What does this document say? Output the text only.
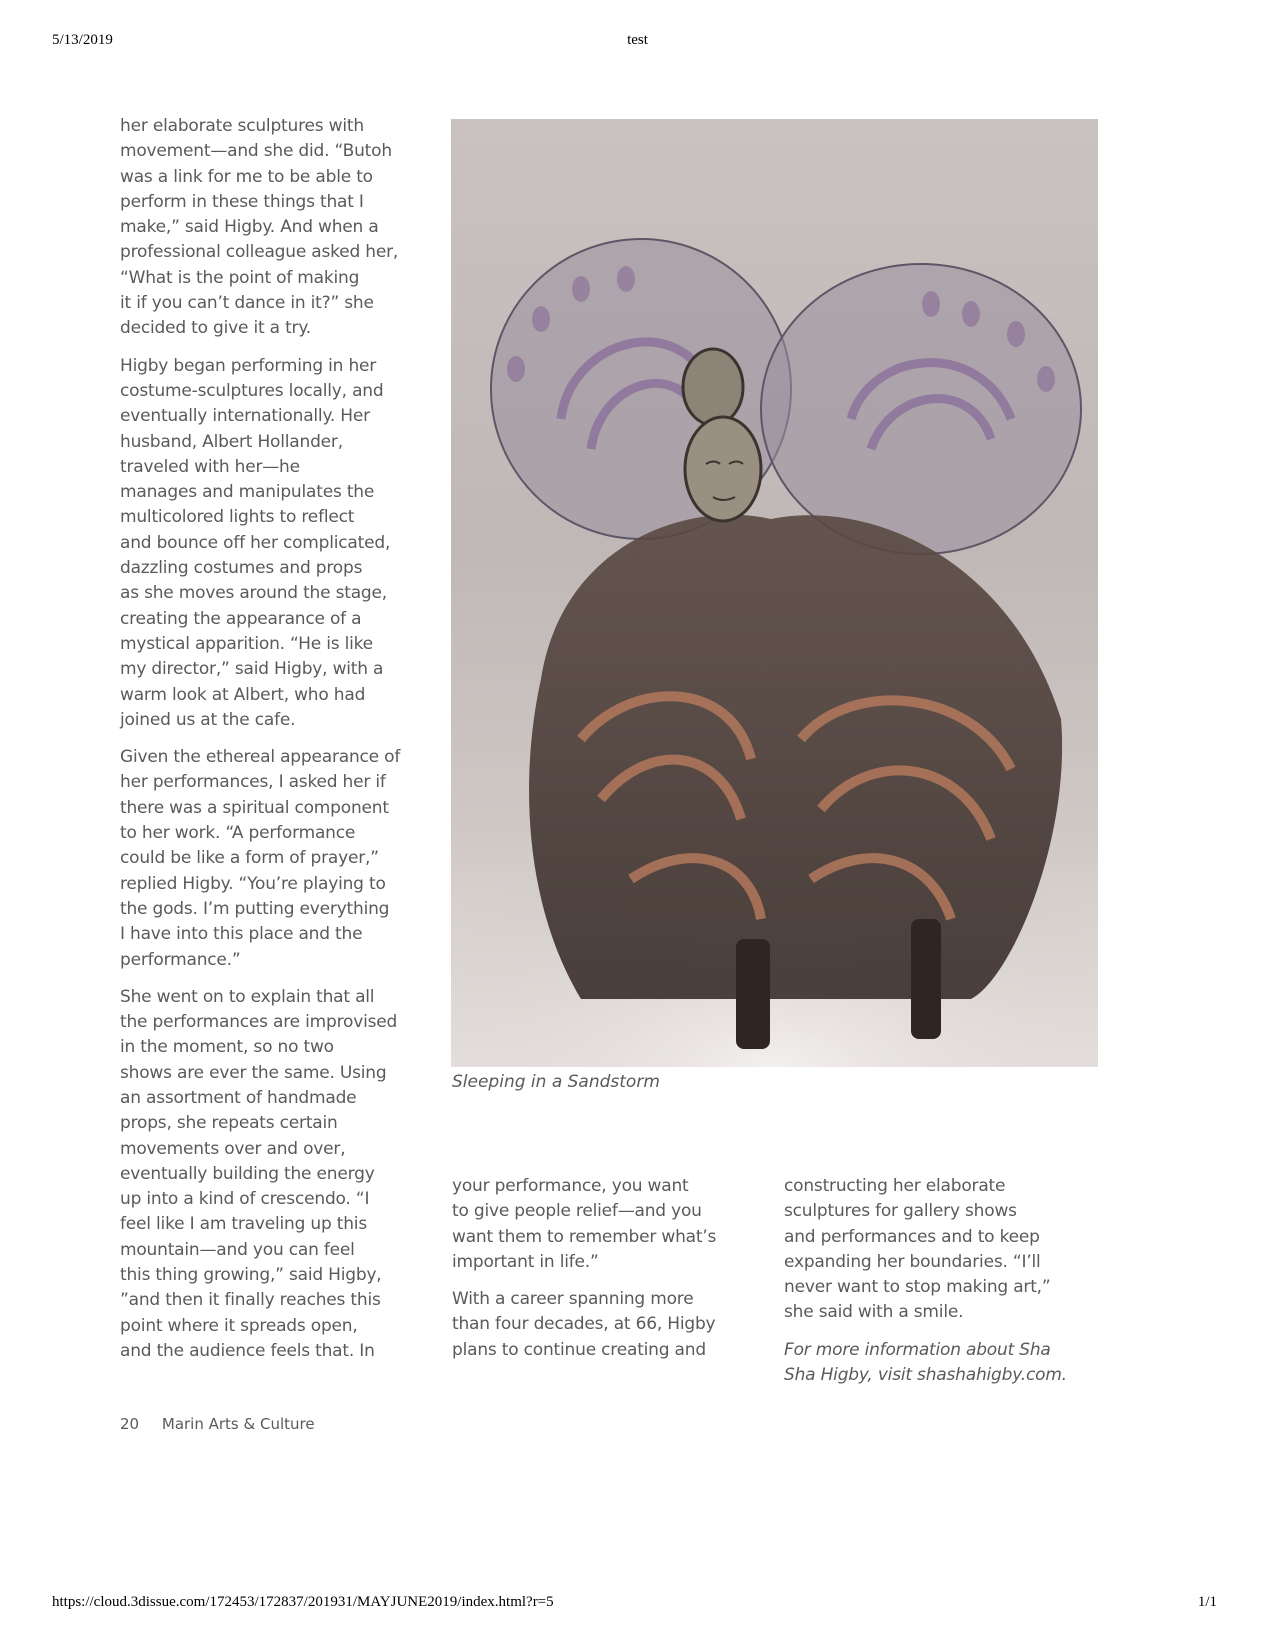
5/13/2019	test

her elaborate sculptures with
movement—and she did. “Butoh
was a link for me to be able to
perform in these things that I
make,” said Higby. And when a
professional colleague asked her,
“What is the point of making
it if you can’t dance in it?” she
decided to give it a try.

Higby began performing in her
costume-sculptures locally, and
eventually internationally. Her
husband, Albert Hollander,
traveled with her—he
manages and manipulates the
multicolored lights to reflect
and bounce off her complicated,
dazzling costumes and props
as she moves around the stage,
creating the appearance of a
mystical apparition. “He is like
my director,” said Higby, with a
warm look at Albert, who had
joined us at the cafe.

Given the ethereal appearance of
her performances, I asked her if
there was a spiritual component
to her work. “A performance
could be like a form of prayer,”
replied Higby. “You’re playing to
the gods. I’m putting everything
I have into this place and the
performance.”

She went on to explain that all
the performances are improvised
in the moment, so no two
shows are ever the same. Using
an assortment of handmade
props, she repeats certain
movements over and over,
eventually building the energy
up into a kind of crescendo. “I
feel like I am traveling up this
mountain—and you can feel
this thing growing,” said Higby,
”and then it finally reaches this
point where it spreads open,
and the audience feels that. In

Sleeping in a Sandstorm

your performance, you want
to give people relief—and you
want them to remember what’s
important in life.”

With a career spanning more
than four decades, at 66, Higby
plans to continue creating and

constructing her elaborate
sculptures for gallery shows
and performances and to keep
expanding her boundaries. “I’ll
never want to stop making art,”
she said with a smile.

For more information about Sha
Sha Higby, visit shashahigby.com.

20 Marin Arts & Culture
https://cloud.3dissue.com/172453/172837/201931/MAYJUNE2019/index.html?r=5	1/1
